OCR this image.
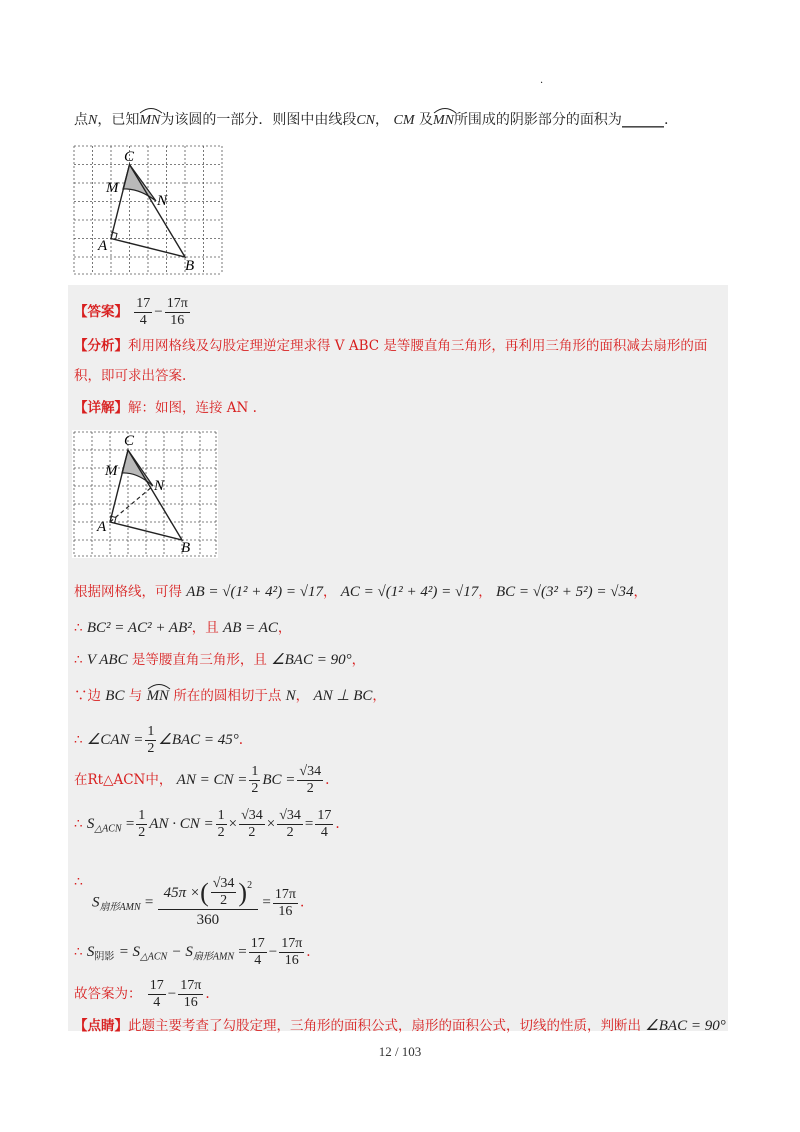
·
点N，已知
MN为该圆的一部分．则图中由线段CN， CM 及
MN所围成的阴影部分的面积为______.
C
M
N
A
B
【答案】 $\frac{17}{4} - \frac{17\pi}{16}$
【分析】利用网格线及勾股定理逆定理求得 V ABC 是等腰直角三角形，再利用三角形的面积减去扇形的面
积，即可求出答案.
【详解】解：如图，连接 AN .
C
M
N
A
B
根据网格线，可得 AB = √(1² + 4²) = √17， AC = √(1² + 4²) = √17， BC = √(3² + 5²) = √34，
∴ BC² = AC² + AB²，且 AB = AC，
∴ V ABC 是等腰直角三角形，且 ∠BAC = 90°，
∵边 BC 与 MN 所在的圆相切于点 N， AN ⊥ BC，
∴ ∠CAN = $\frac{1}{2}$ ∠BAC = 45°.
在Rt△ACN中， AN = CN = $\frac{1}{2}$ BC = $\frac{√34}{2}$ .
∴ $S_{\triangle ACN} = \frac{1}{2}$ AN · CN = $\frac{1}{2} \times \frac{√34}{2} \times \frac{√34}{2} = \frac{17}{4}$ .
∴
$S_{扇形AMN} = \frac{45\pi \times ( \frac{√34}{2} )^2}{360} = \frac{17\pi}{16}$ .
∴ $S_{阴影} = S_{\triangle ACN} - S_{扇形AMN} = \frac{17}{4} - \frac{17\pi}{16}$ .
故答案为： $\frac{17}{4} - \frac{17\pi}{16}$ .
【点睛】此题主要考查了勾股定理，三角形的面积公式，扇形的面积公式，切线的性质，判断出 ∠BAC = 90°
12 / 103
